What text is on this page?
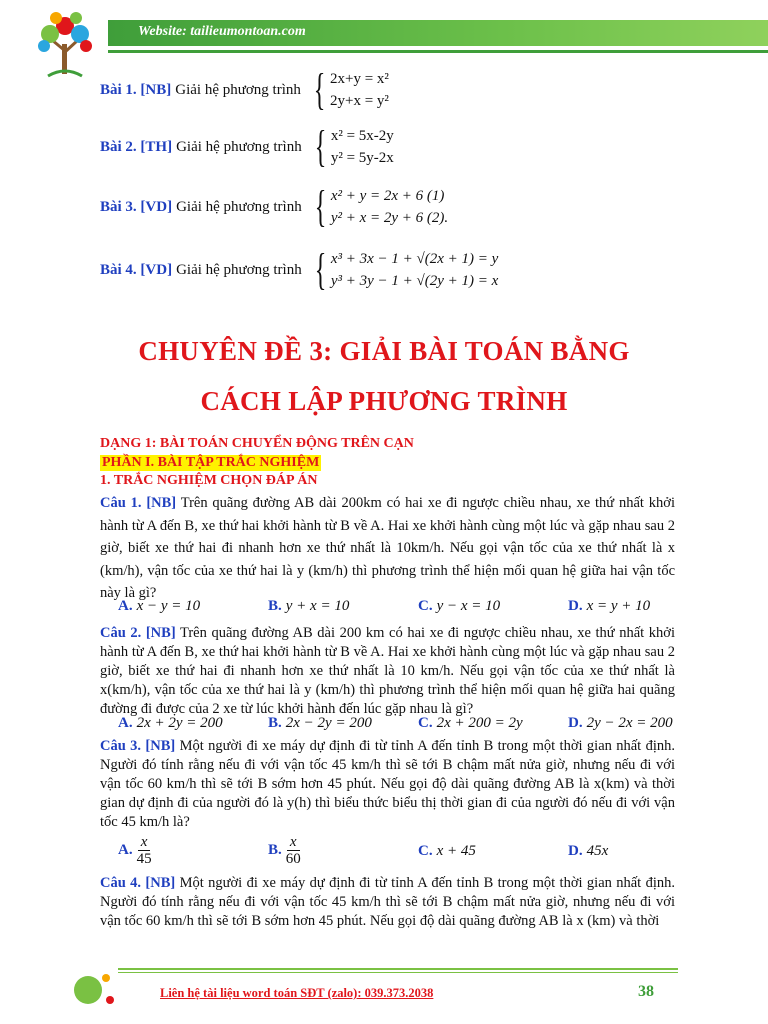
Website: tailieumontoan.com
Bài 1. [NB] Giải hệ phương trình { 2x+y = x²
2y+x = y²
Bài 2. [TH] Giải hệ phương trình { x² = 5x-2y
y² = 5y-2x
Bài 3. [VD] Giải hệ phương trình { x² + y = 2x + 6 (1)
y² + x = 2y + 6 (2).
Bài 4. [VD] Giải hệ phương trình { x³ + 3x − 1 + √(2x + 1) = y
y³ + 3y − 1 + √(2y + 1) = x
CHUYÊN ĐỀ 3: GIẢI BÀI TOÁN BẰNG
CÁCH LẬP PHƯƠNG TRÌNH
DẠNG 1: BÀI TOÁN CHUYỂN ĐỘNG TRÊN CẠN
PHẦN I. BÀI TẬP TRẮC NGHIỆM
1. TRẮC NGHIỆM CHỌN ĐÁP ÁN
Câu 1. [NB] Trên quãng đường AB dài 200km có hai xe đi ngược chiều nhau, xe thứ nhất khởi hành từ A đến B, xe thứ hai khởi hành từ B về A. Hai xe khởi hành cùng một lúc và gặp nhau sau 2 giờ, biết xe thứ hai đi nhanh hơn xe thứ nhất là 10km/h. Nếu gọi vận tốc của xe thứ nhất là x (km/h), vận tốc của xe thứ hai là y (km/h) thì phương trình thể hiện mối quan hệ giữa hai vận tốc này là gì?
A. x − y = 10	B. y + x = 10	C. y − x = 10	D. x = y + 10
Câu 2. [NB] Trên quãng đường AB dài 200 km có hai xe đi ngược chiều nhau, xe thứ nhất khởi hành từ A đến B, xe thứ hai khởi hành từ B về A. Hai xe khởi hành cùng một lúc và gặp nhau sau 2 giờ, biết xe thứ hai đi nhanh hơn xe thứ nhất là 10 km/h. Nếu gọi vận tốc của xe thứ nhất là x(km/h), vận tốc của xe thứ hai là y (km/h) thì phương trình thể hiện mối quan hệ giữa hai quãng đường đi được của 2 xe từ lúc khởi hành đến lúc gặp nhau là gì?
A. 2x + 2y = 200	B. 2x − 2y = 200	C. 2x + 200 = 2y	D. 2y − 2x = 200
Câu 3. [NB] Một người đi xe máy dự định đi từ tỉnh A đến tỉnh B trong một thời gian nhất định. Người đó tính rằng nếu đi với vận tốc 45 km/h thì sẽ tới B chậm mất nửa giờ, nhưng nếu đi với vận tốc 60 km/h thì sẽ tới B sớm hơn 45 phút. Nếu gọi độ dài quãng đường AB là x(km) và thời gian dự định đi của người đó là y(h) thì biểu thức biểu thị thời gian đi của người đó nếu đi với vận tốc 45 km/h là?
A. $\frac{x}{45}$	B. $\frac{x}{60}$	C. x + 45	D. 45x
Câu 4. [NB] Một người đi xe máy dự định đi từ tỉnh A đến tỉnh B trong một thời gian nhất định. Người đó tính rằng nếu đi với vận tốc 45 km/h thì sẽ tới B chậm mất nửa giờ, nhưng nếu đi với vận tốc 60 km/h thì sẽ tới B sớm hơn 45 phút. Nếu gọi độ dài quãng đường AB là x (km) và thời
Liên hệ tài liệu word toán SĐT (zalo): 039.373.2038	38
